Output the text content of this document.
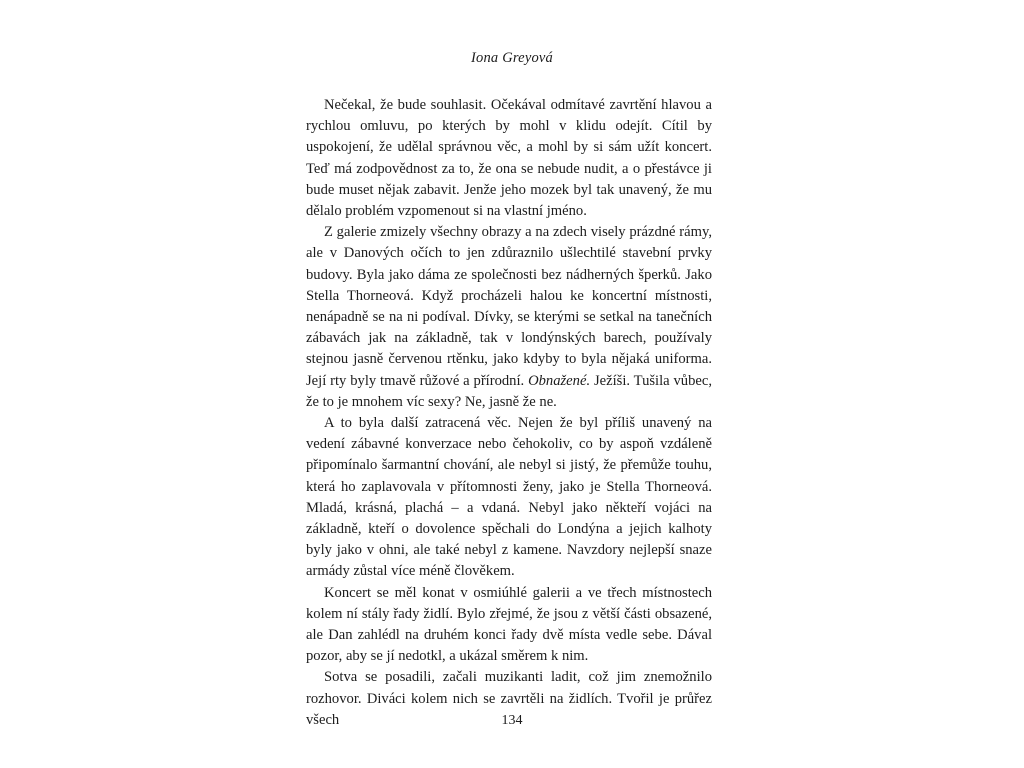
Iona Greyová

Nečekal, že bude souhlasit. Očekával odmítavé zavrtění hlavou a rychlou omluvu, po kterých by mohl v klidu odejít. Cítil by uspokojení, že udělal správnou věc, a mohl by si sám užít koncert. Teď má zodpovědnost za to, že ona se nebude nudit, a o přestávce ji bude muset nějak zabavit. Jenže jeho mozek byl tak unavený, že mu dělalo problém vzpomenout si na vlastní jméno.

Z galerie zmizely všechny obrazy a na zdech visely prázdné rámy, ale v Danových očích to jen zdůraznilo ušlechtilé stavební prvky budovy. Byla jako dáma ze společnosti bez nádherných šperků. Jako Stella Thorneová. Když procházeli halou ke koncertní místnosti, nenápadně se na ni podíval. Dívky, se kterými se setkal na tanečních zábavách jak na základně, tak v londýnských barech, používaly stejnou jasně červenou rtěnku, jako kdyby to byla nějaká uniforma. Její rty byly tmavě růžové a přírodní. Obnažené. Ježíši. Tušila vůbec, že to je mnohem víc sexy? Ne, jasně že ne.

A to byla další zatracená věc. Nejen že byl příliš unavený na vedení zábavné konverzace nebo čehokoliv, co by aspoň vzdáleně připomínalo šarmantní chování, ale nebyl si jistý, že přemůže touhu, která ho zaplavovala v přítomnosti ženy, jako je Stella Thorneová. Mladá, krásná, plachá – a vdaná. Nebyl jako někteří vojáci na základně, kteří o dovolence spěchali do Londýna a jejich kalhoty byly jako v ohni, ale také nebyl z kamene. Navzdory nejlepší snaze armády zůstal více méně člověkem.

Koncert se měl konat v osmiúhlé galerii a ve třech místnostech kolem ní stály řady židlí. Bylo zřejmé, že jsou z větší části obsazené, ale Dan zahlédl na druhém konci řady dvě místa vedle sebe. Dával pozor, aby se jí nedotkl, a ukázal směrem k nim.

Sotva se posadili, začali muzikanti ladit, což jim znemožnilo rozhovor. Diváci kolem nich se zavrtěli na židlích. Tvořil je průřez všech	134
